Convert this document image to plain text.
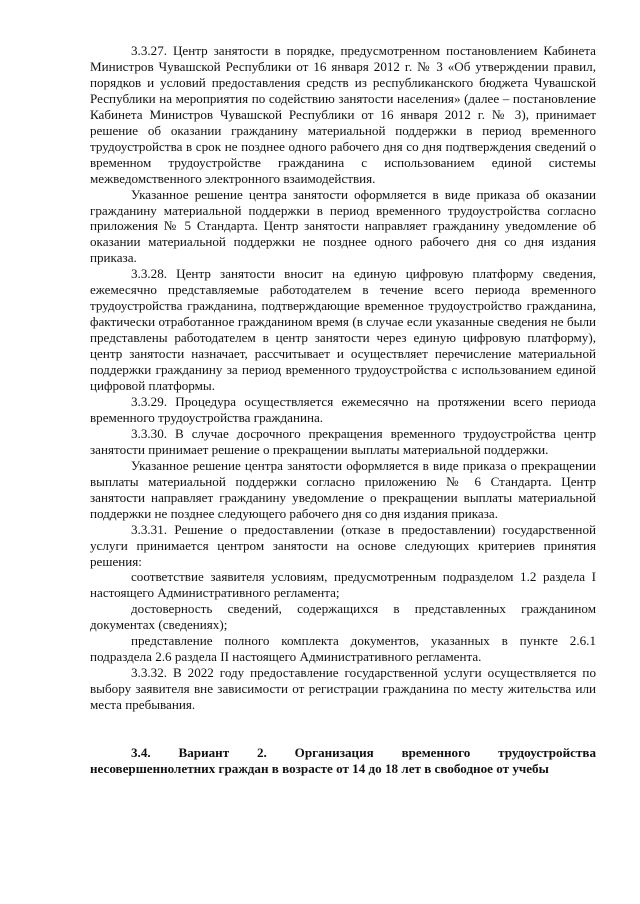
3.3.27. Центр занятости в порядке, предусмотренном постановлением Кабинета Министров Чувашской Республики от 16 января 2012 г. № 3 «Об утверждении правил, порядков и условий предоставления средств из республиканского бюджета Чувашской Республики на мероприятия по содействию занятости населения» (далее – постановление Кабинета Министров Чувашской Республики от 16 января 2012 г. № 3), принимает решение об оказании гражданину материальной поддержки в период временного трудоустройства в срок не позднее одного рабочего дня со дня подтверждения сведений о временном трудоустройстве гражданина с использованием единой системы межведомственного электронного взаимодействия.

Указанное решение центра занятости оформляется в виде приказа об оказании гражданину материальной поддержки в период временного трудоустройства согласно приложения № 5 Стандарта. Центр занятости направляет гражданину уведомление об оказании материальной поддержки не позднее одного рабочего дня со дня издания приказа.

3.3.28. Центр занятости вносит на единую цифровую платформу сведения, ежемесячно представляемые работодателем в течение всего периода временного трудоустройства гражданина, подтверждающие временное трудоустройство гражданина, фактически отработанное гражданином время (в случае если указанные сведения не были представлены работодателем в центр занятости через единую цифровую платформу), центр занятости назначает, рассчитывает и осуществляет перечисление материальной поддержки гражданину за период временного трудоустройства с использованием единой цифровой платформы.

3.3.29. Процедура осуществляется ежемесячно на протяжении всего периода временного трудоустройства гражданина.

3.3.30. В случае досрочного прекращения временного трудоустройства центр занятости принимает решение о прекращении выплаты материальной поддержки.

Указанное решение центра занятости оформляется в виде приказа о прекращении выплаты материальной поддержки согласно приложению № 6 Стандарта. Центр занятости направляет гражданину уведомление о прекращении выплаты материальной поддержки не позднее следующего рабочего дня со дня издания приказа.

3.3.31. Решение о предоставлении (отказе в предоставлении) государственной услуги принимается центром занятости на основе следующих критериев принятия решения:

соответствие заявителя условиям, предусмотренным подразделом 1.2 раздела I настоящего Административного регламента;

достоверность сведений, содержащихся в представленных гражданином документах (сведениях);

представление полного комплекта документов, указанных в пункте 2.6.1 подраздела 2.6 раздела II настоящего Административного регламента.

3.3.32. В 2022 году предоставление государственной услуги осуществляется по выбору заявителя вне зависимости от регистрации гражданина по месту жительства или места пребывания.

3.4. Вариант 2. Организация временного трудоустройства несовершеннолетних граждан в возрасте от 14 до 18 лет в свободное от учебы
